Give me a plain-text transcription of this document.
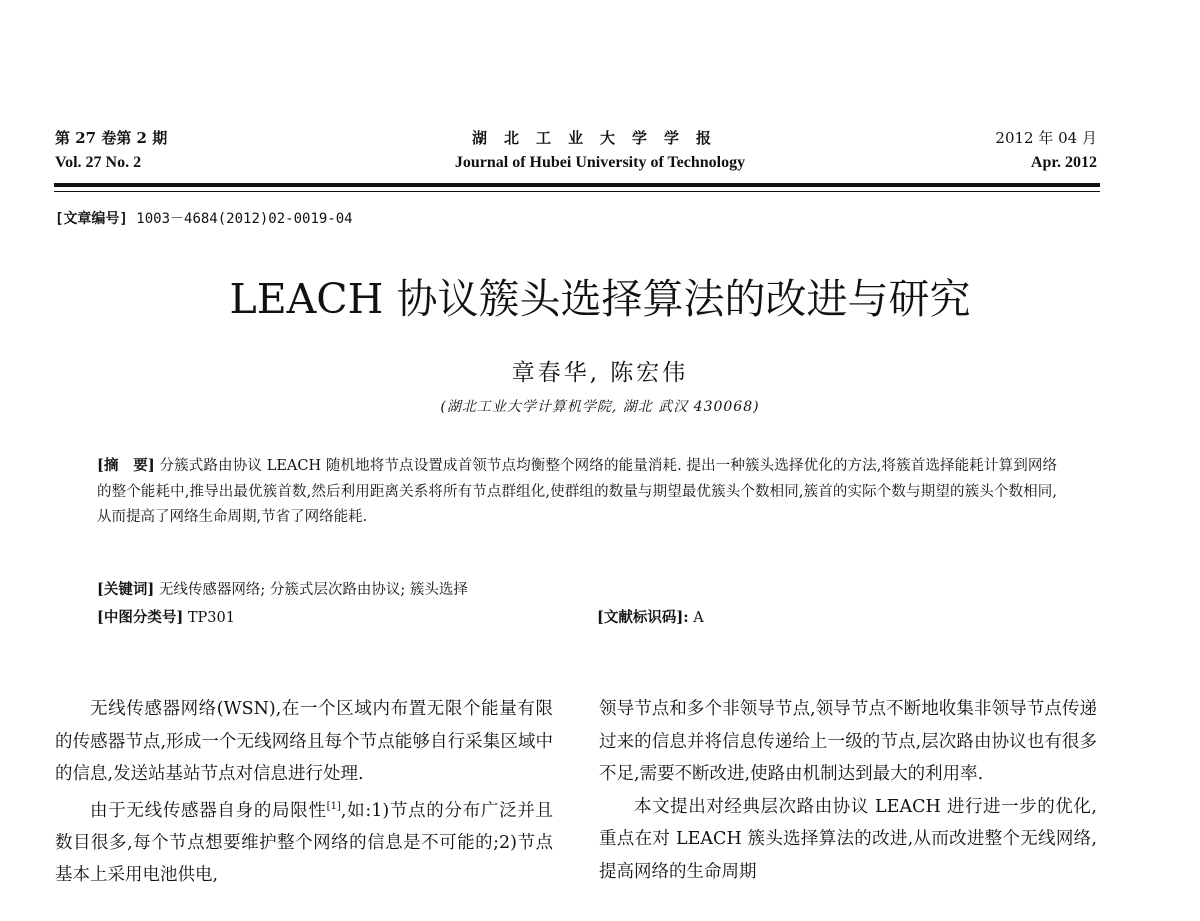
第 27 卷第 2 期
Vol. 27 No. 2
湖北工业大学学报
Journal of Hubei University of Technology
2012 年 04 月
Apr. 2012
[文章编号] 1003－4684(2012)02-0019-04
LEACH 协议簇头选择算法的改进与研究
章春华, 陈宏伟
(湖北工业大学计算机学院, 湖北 武汉 430068)
[摘　要] 分簇式路由协议 LEACH 随机地将节点设置成首领节点均衡整个网络的能量消耗. 提出一种簇头选择优化的方法,将簇首选择能耗计算到网络的整个能耗中,推导出最优簇首数,然后利用距离关系将所有节点群组化,使群组的数量与期望最优簇头个数相同,簇首的实际个数与期望的簇头个数相同,从而提高了网络生命周期,节省了网络能耗.
[关键词] 无线传感器网络; 分簇式层次路由协议; 簇头选择
[中图分类号] TP301	[文献标识码]: A

无线传感器网络(WSN),在一个区域内布置无限个能量有限的传感器节点,形成一个无线网络且每个节点能够自行采集区域中的信息,发送站基站节点对信息进行处理.

由于无线传感器自身的局限性[1],如:1)节点的分布广泛并且数目很多,每个节点想要维护整个网络的信息是不可能的;2)节点基本上采用电池供电,

领导节点和多个非领导节点,领导节点不断地收集非领导节点传递过来的信息并将信息传递给上一级的节点,层次路由协议也有很多不足,需要不断改进,使路由机制达到最大的利用率.

本文提出对经典层次路由协议 LEACH 进行进一步的优化,重点在对 LEACH 簇头选择算法的改进,从而改进整个无线网络,提高网络的生命周期
